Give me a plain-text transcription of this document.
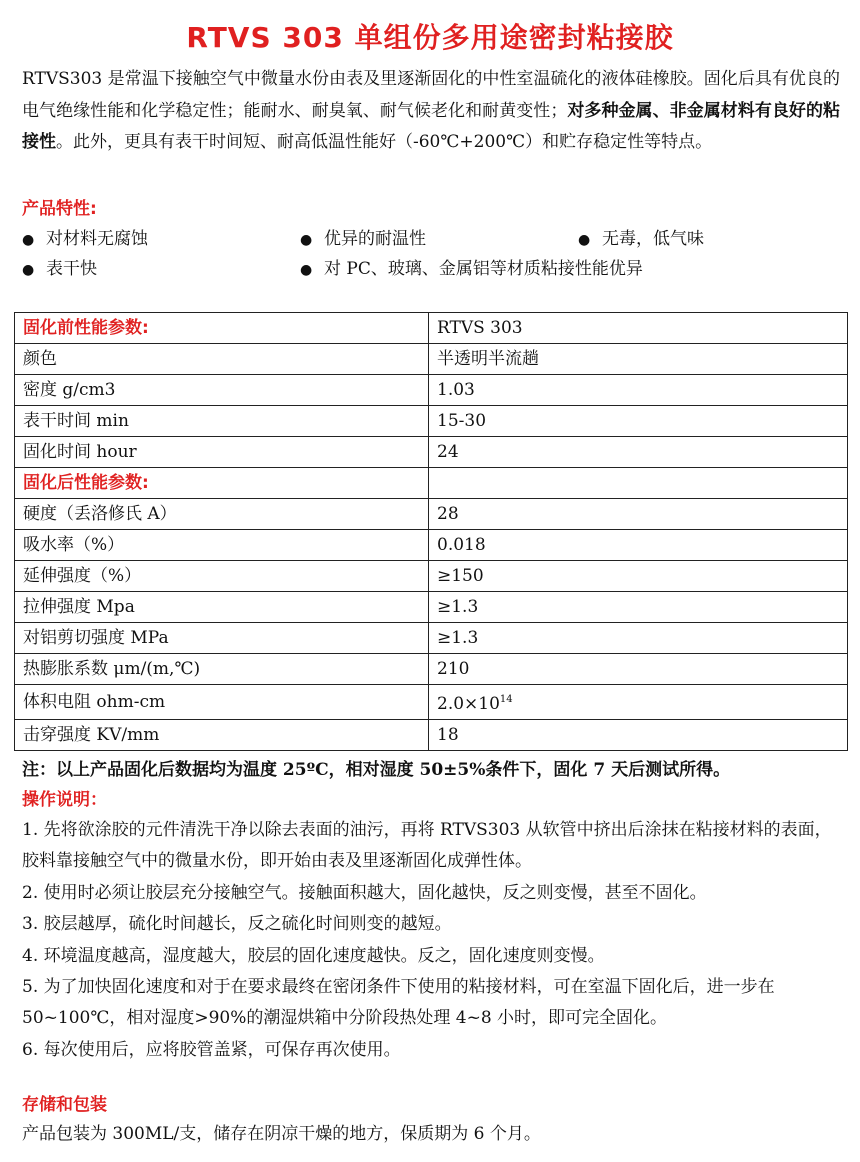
RTVS 303 单组份多用途密封粘接胶
RTVS303 是常温下接触空气中微量水份由表及里逐渐固化的中性室温硫化的液体硅橡胶。固化后具有优良的电气绝缘性能和化学稳定性；能耐水、耐臭氧、耐气候老化和耐黄变性；对多种金属、非金属材料有良好的粘接性。此外，更具有表干时间短、耐高低温性能好（-60℃+200℃）和贮存稳定性等特点。
产品特性:
● 对材料无腐蚀	● 优异的耐温性	● 无毒，低气味
● 表干快	● 对 PC、玻璃、金属铝等材质粘接性能优异
固化前性能参数:	RTVS 303
颜色	半透明半流趟
密度 g/cm3	1.03
表干时间 min	15-30
固化时间 hour	24
固化后性能参数:	
硬度（丢洛修氏 A）	28
吸水率（%）	0.018
延伸强度（%）	≥150
拉伸强度 Mpa	≥1.3
对铝剪切强度 MPa	≥1.3
热膨胀系数 μm/(m,℃)	210
体积电阻 ohm-cm	$2.0\times 10^{14}$
击穿强度 KV/mm	18
注：以上产品固化后数据均为温度 25ºC，相对湿度 50±5%条件下，固化 7 天后测试所得。
操作说明：

1. 先将欲涂胶的元件清洗干净以除去表面的油污，再将 RTVS303 从软管中挤出后涂抹在粘接材料的表面，胶料靠接触空气中的微量水份，即开始由表及里逐渐固化成弹性体。

2. 使用时必须让胶层充分接触空气。接触面积越大，固化越快，反之则变慢，甚至不固化。

3. 胶层越厚，硫化时间越长，反之硫化时间则变的越短。

4. 环境温度越高，湿度越大，胶层的固化速度越快。反之，固化速度则变慢。

5. 为了加快固化速度和对于在要求最终在密闭条件下使用的粘接材料，可在室温下固化后，进一步在 50~100℃，相对湿度>90%的潮湿烘箱中分阶段热处理 4~8 小时，即可完全固化。

6. 每次使用后，应将胶管盖紧，可保存再次使用。

存储和包装
产品包装为 300ML/支，储存在阴凉干燥的地方，保质期为 6 个月。
